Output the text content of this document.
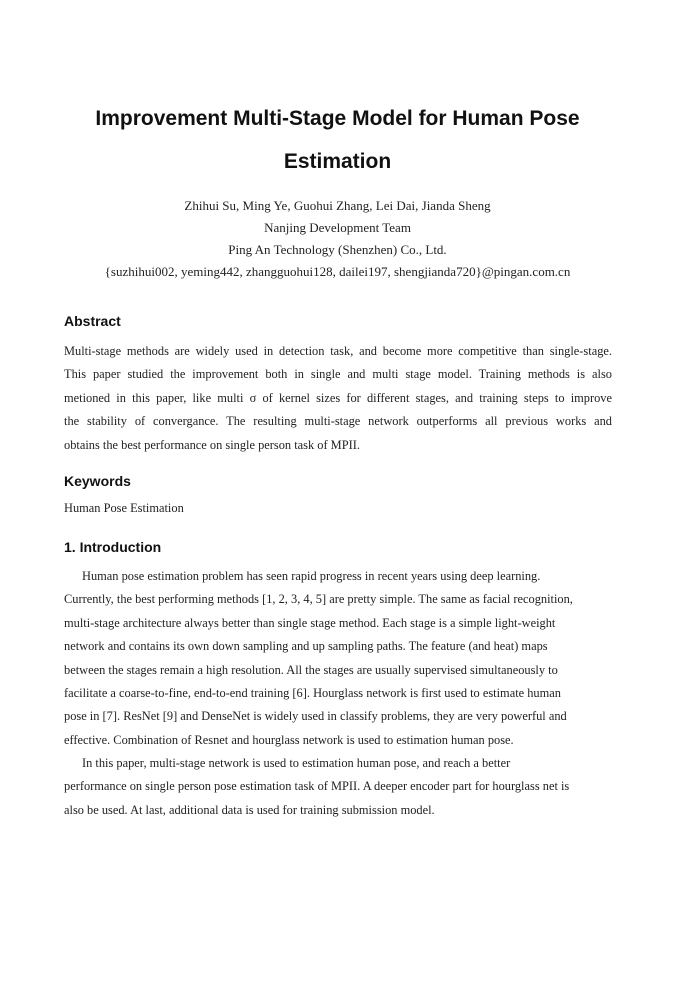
Improvement Multi-Stage Model for Human Pose
Estimation
Zhihui Su, Ming Ye, Guohui Zhang, Lei Dai, Jianda Sheng
Nanjing Development Team
Ping An Technology (Shenzhen) Co., Ltd.
{suzhihui002, yeming442, zhangguohui128, dailei197, shengjianda720}@pingan.com.cn
Abstract
Multi-stage methods are widely used in detection task, and become more competitive than single-stage.
This paper studied the improvement both in single and multi stage model. Training methods is also
metioned in this paper, like multi σ of kernel sizes for different stages, and training steps to improve
the stability of convergance. The resulting multi-stage network outperforms all previous works and
obtains the best performance on single person task of MPII.
Keywords
Human Pose Estimation
1. Introduction
Human pose estimation problem has seen rapid progress in recent years using deep learning.
Currently, the best performing methods [1, 2, 3, 4, 5] are pretty simple. The same as facial recognition,
multi-stage architecture always better than single stage method. Each stage is a simple light-weight
network and contains its own down sampling and up sampling paths. The feature (and heat) maps
between the stages remain a high resolution. All the stages are usually supervised simultaneously to
facilitate a coarse-to-fine, end-to-end training [6]. Hourglass network is first used to estimate human
pose in [7]. ResNet [9] and DenseNet is widely used in classify problems, they are very powerful and
effective. Combination of Resnet and hourglass network is used to estimation human pose.
In this paper, multi-stage network is used to estimation human pose, and reach a better
performance on single person pose estimation task of MPII. A deeper encoder part for hourglass net is
also be used. At last, additional data is used for training submission model.
